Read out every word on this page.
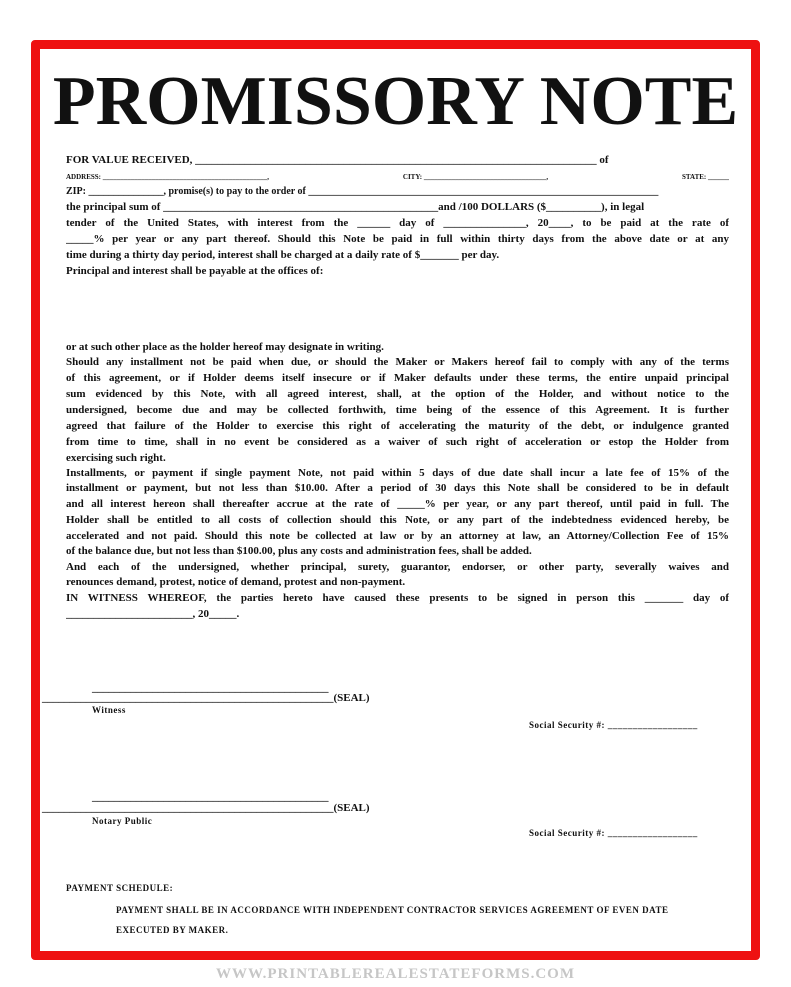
PROMISSORY NOTE
FOR VALUE RECEIVED, _________________________________________________________________________ of
ADDRESS: _______________________________________________,	CITY: ___________________________________,	STATE: ______
ZIP: _______________, promise(s) to pay to the order of ______________________________________________________________________
the principal sum of __________________________________________________and /100 DOLLARS ($__________), in legal
tender of the United States, with interest from the ______ day of _______________, 20____, to be paid at the rate of
_____% per year or any part thereof. Should this Note be paid in full within thirty days from the above date or at any
time during a thirty day period, interest shall be charged at a daily rate of $_______ per day.
Principal and interest shall be payable at the offices of:
or at such other place as the holder hereof may designate in writing.
Should any installment not be paid when due, or should the Maker or Makers hereof fail to comply with any of the terms
of this agreement, or if Holder deems itself insecure or if Maker defaults under these terms, the entire unpaid principal
sum evidenced by this Note, with all agreed interest, shall, at the option of the Holder, and without notice to the
undersigned, become due and may be collected forthwith, time being of the essence of this Agreement. It is further
agreed that failure of the Holder to exercise this right of accelerating the maturity of the debt, or indulgence granted
from time to time, shall in no event be considered as a waiver of such right of acceleration or estop the Holder from
exercising such right.
Installments, or payment if single payment Note, not paid within 5 days of due date shall incur a late fee of 15% of the
installment or payment, but not less than $10.00. After a period of 30 days this Note shall be considered to be in default
and all interest hereon shall thereafter accrue at the rate of _____% per year, or any part thereof, until paid in full. The
Holder shall be entitled to all costs of collection should this Note, or any part of the indebtedness evidenced hereby, be
accelerated and not paid. Should this note be collected at law or by an attorney at law, an Attorney/Collection Fee of 15%
of the balance due, but not less than $100.00, plus any costs and administration fees, shall be added.
And each of the undersigned, whether principal, surety, guarantor, endorser, or other party, severally waives and
renounces demand, protest, notice of demand, protest and non-payment.
IN WITNESS WHEREOF, the parties hereto have caused these presents to be signed in person this _______ day of
_______________________, 20_____.
___________________________________________
_____________________________________________________(SEAL)
Witness
Social Security #: __________________
___________________________________________
_____________________________________________________(SEAL)
Notary Public
Social Security #: __________________
PAYMENT SCHEDULE:
PAYMENT SHALL BE IN ACCORDANCE WITH INDEPENDENT CONTRACTOR SERVICES AGREEMENT OF EVEN DATE
EXECUTED BY MAKER.
WWW.PRINTABLEREALESTATEFORMS.COM
